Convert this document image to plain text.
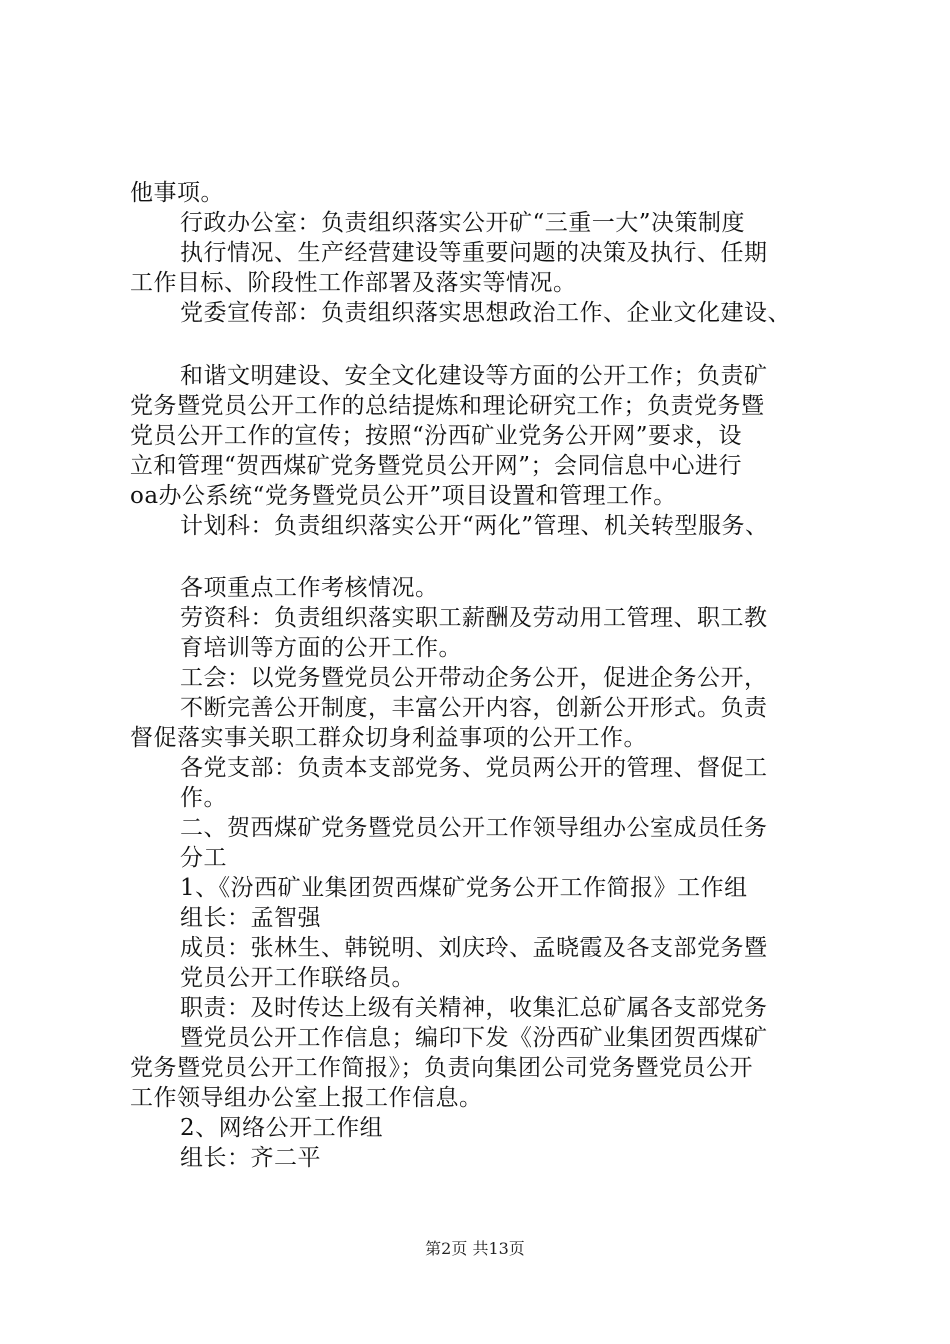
他事项。
行政办公室：负责组织落实公开矿“三重一大”决策制度
执行情况、生产经营建设等重要问题的决策及执行、任期
工作目标、阶段性工作部署及落实等情况。
党委宣传部：负责组织落实思想政治工作、企业文化建设、
和谐文明建设、安全文化建设等方面的公开工作；负责矿
党务暨党员公开工作的总结提炼和理论研究工作；负责党务暨
党员公开工作的宣传；按照“汾西矿业党务公开网”要求，设
立和管理“贺西煤矿党务暨党员公开网”；会同信息中心进行
oa办公系统“党务暨党员公开”项目设置和管理工作。
计划科：负责组织落实公开“两化”管理、机关转型服务、
各项重点工作考核情况。
劳资科：负责组织落实职工薪酬及劳动用工管理、职工教
育培训等方面的公开工作。
工会：以党务暨党员公开带动企务公开，促进企务公开，
不断完善公开制度，丰富公开内容，创新公开形式。负责
督促落实事关职工群众切身利益事项的公开工作。
各党支部：负责本支部党务、党员两公开的管理、督促工
作。
二、贺西煤矿党务暨党员公开工作领导组办公室成员任务
分工
1、《汾西矿业集团贺西煤矿党务公开工作简报》工作组
组长：孟智强
成员：张林生、韩锐明、刘庆玲、孟晓霞及各支部党务暨
党员公开工作联络员。
职责：及时传达上级有关精神，收集汇总矿属各支部党务
暨党员公开工作信息；编印下发《汾西矿业集团贺西煤矿
党务暨党员公开工作简报》；负责向集团公司党务暨党员公开
工作领导组办公室上报工作信息。
2、网络公开工作组
组长：齐二平
第2页 共13页
